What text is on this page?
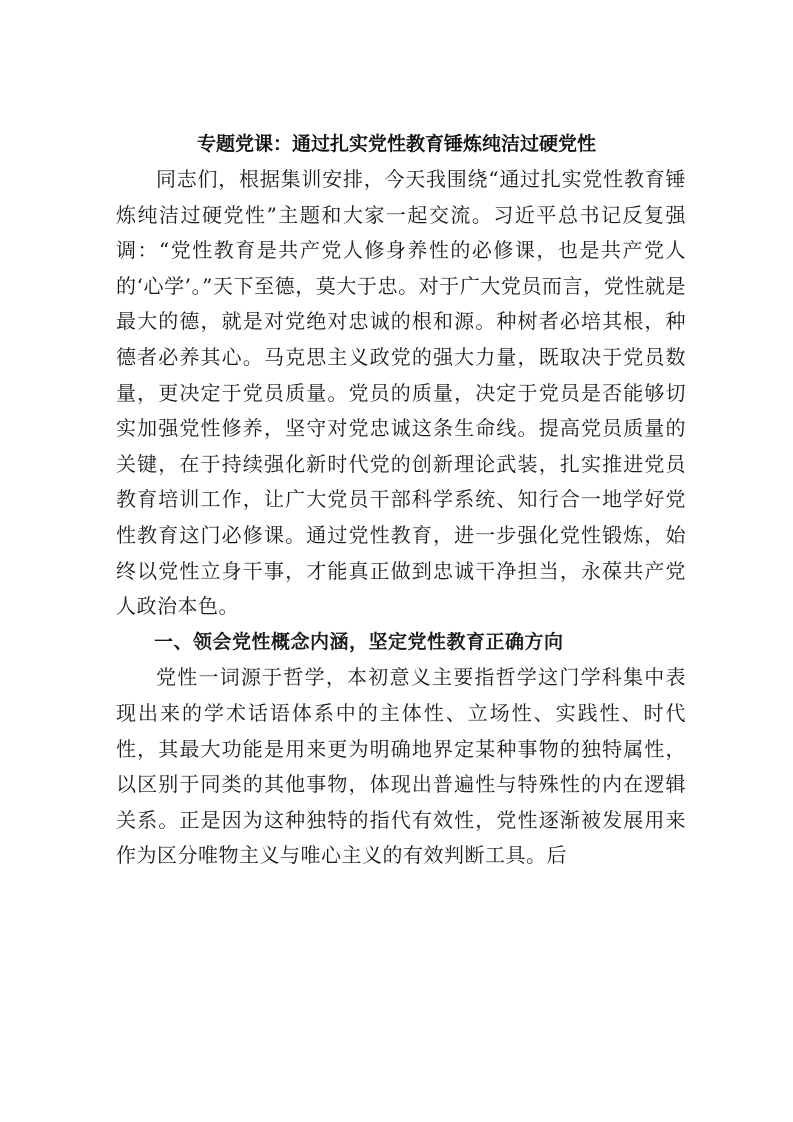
专题党课：通过扎实党性教育锤炼纯洁过硬党性

同志们，根据集训安排，今天我围绕“通过扎实党性教育锤炼纯洁过硬党性”主题和大家一起交流。习近平总书记反复强调：“党性教育是共产党人修身养性的必修课，也是共产党人的‘心学’。”天下至德，莫大于忠。对于广大党员而言，党性就是最大的德，就是对党绝对忠诚的根和源。种树者必培其根，种德者必养其心。马克思主义政党的强大力量，既取决于党员数量，更决定于党员质量。党员的质量，决定于党员是否能够切实加强党性修养，坚守对党忠诚这条生命线。提高党员质量的关键，在于持续强化新时代党的创新理论武装，扎实推进党员教育培训工作，让广大党员干部科学系统、知行合一地学好党性教育这门必修课。通过党性教育，进一步强化党性锻炼，始终以党性立身干事，才能真正做到忠诚干净担当，永葆共产党人政治本色。

一、领会党性概念内涵，坚定党性教育正确方向

党性一词源于哲学，本初意义主要指哲学这门学科集中表现出来的学术话语体系中的主体性、立场性、实践性、时代性，其最大功能是用来更为明确地界定某种事物的独特属性，以区别于同类的其他事物，体现出普遍性与特殊性的内在逻辑关系。正是因为这种独特的指代有效性，党性逐渐被发展用来作为区分唯物主义与唯心主义的有效判断工具。后
